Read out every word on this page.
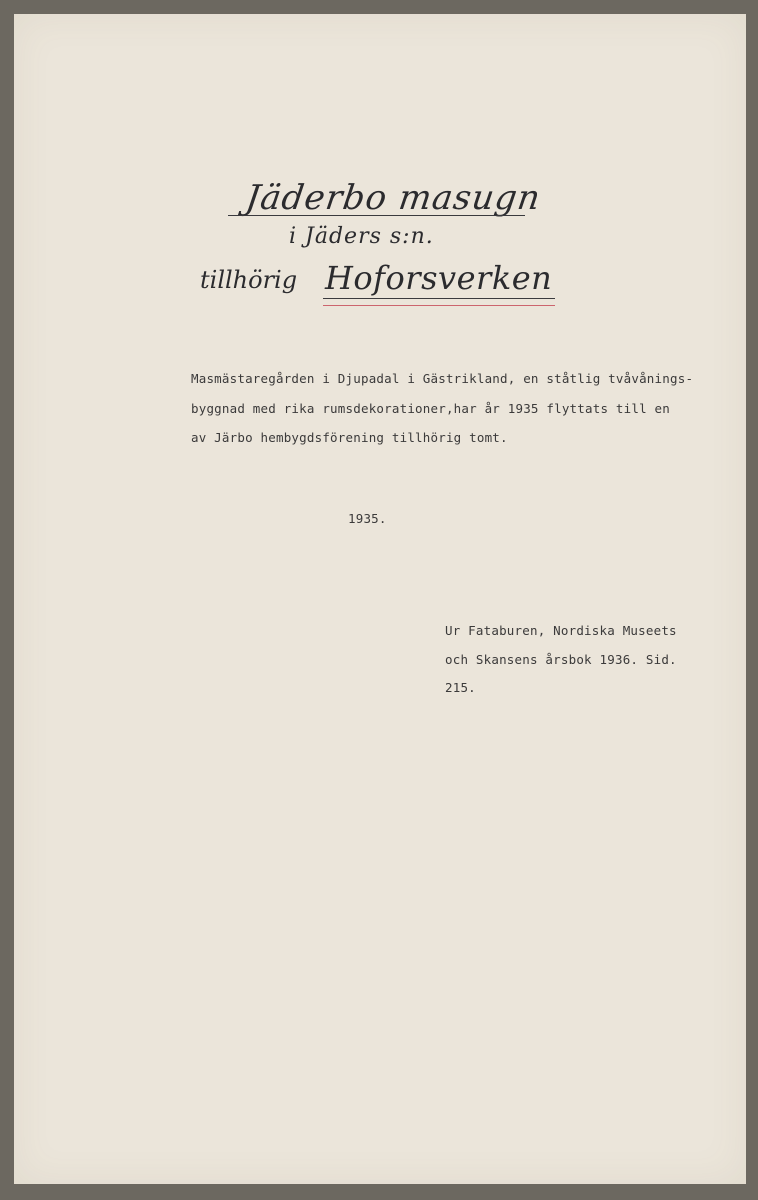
Jäderbo masugn
i Jäders s:n.
tillhörig Hoforsverken
Masmästaregården i Djupadal i Gästrikland, en ståtlig tvåvånings-
byggnad med rika rumsdekorationer,har år 1935 flyttats till en
av Järbo hembygdsförening tillhörig tomt.
1935.
Ur Fataburen, Nordiska Museets
och Skansens årsbok 1936. Sid.
215.
